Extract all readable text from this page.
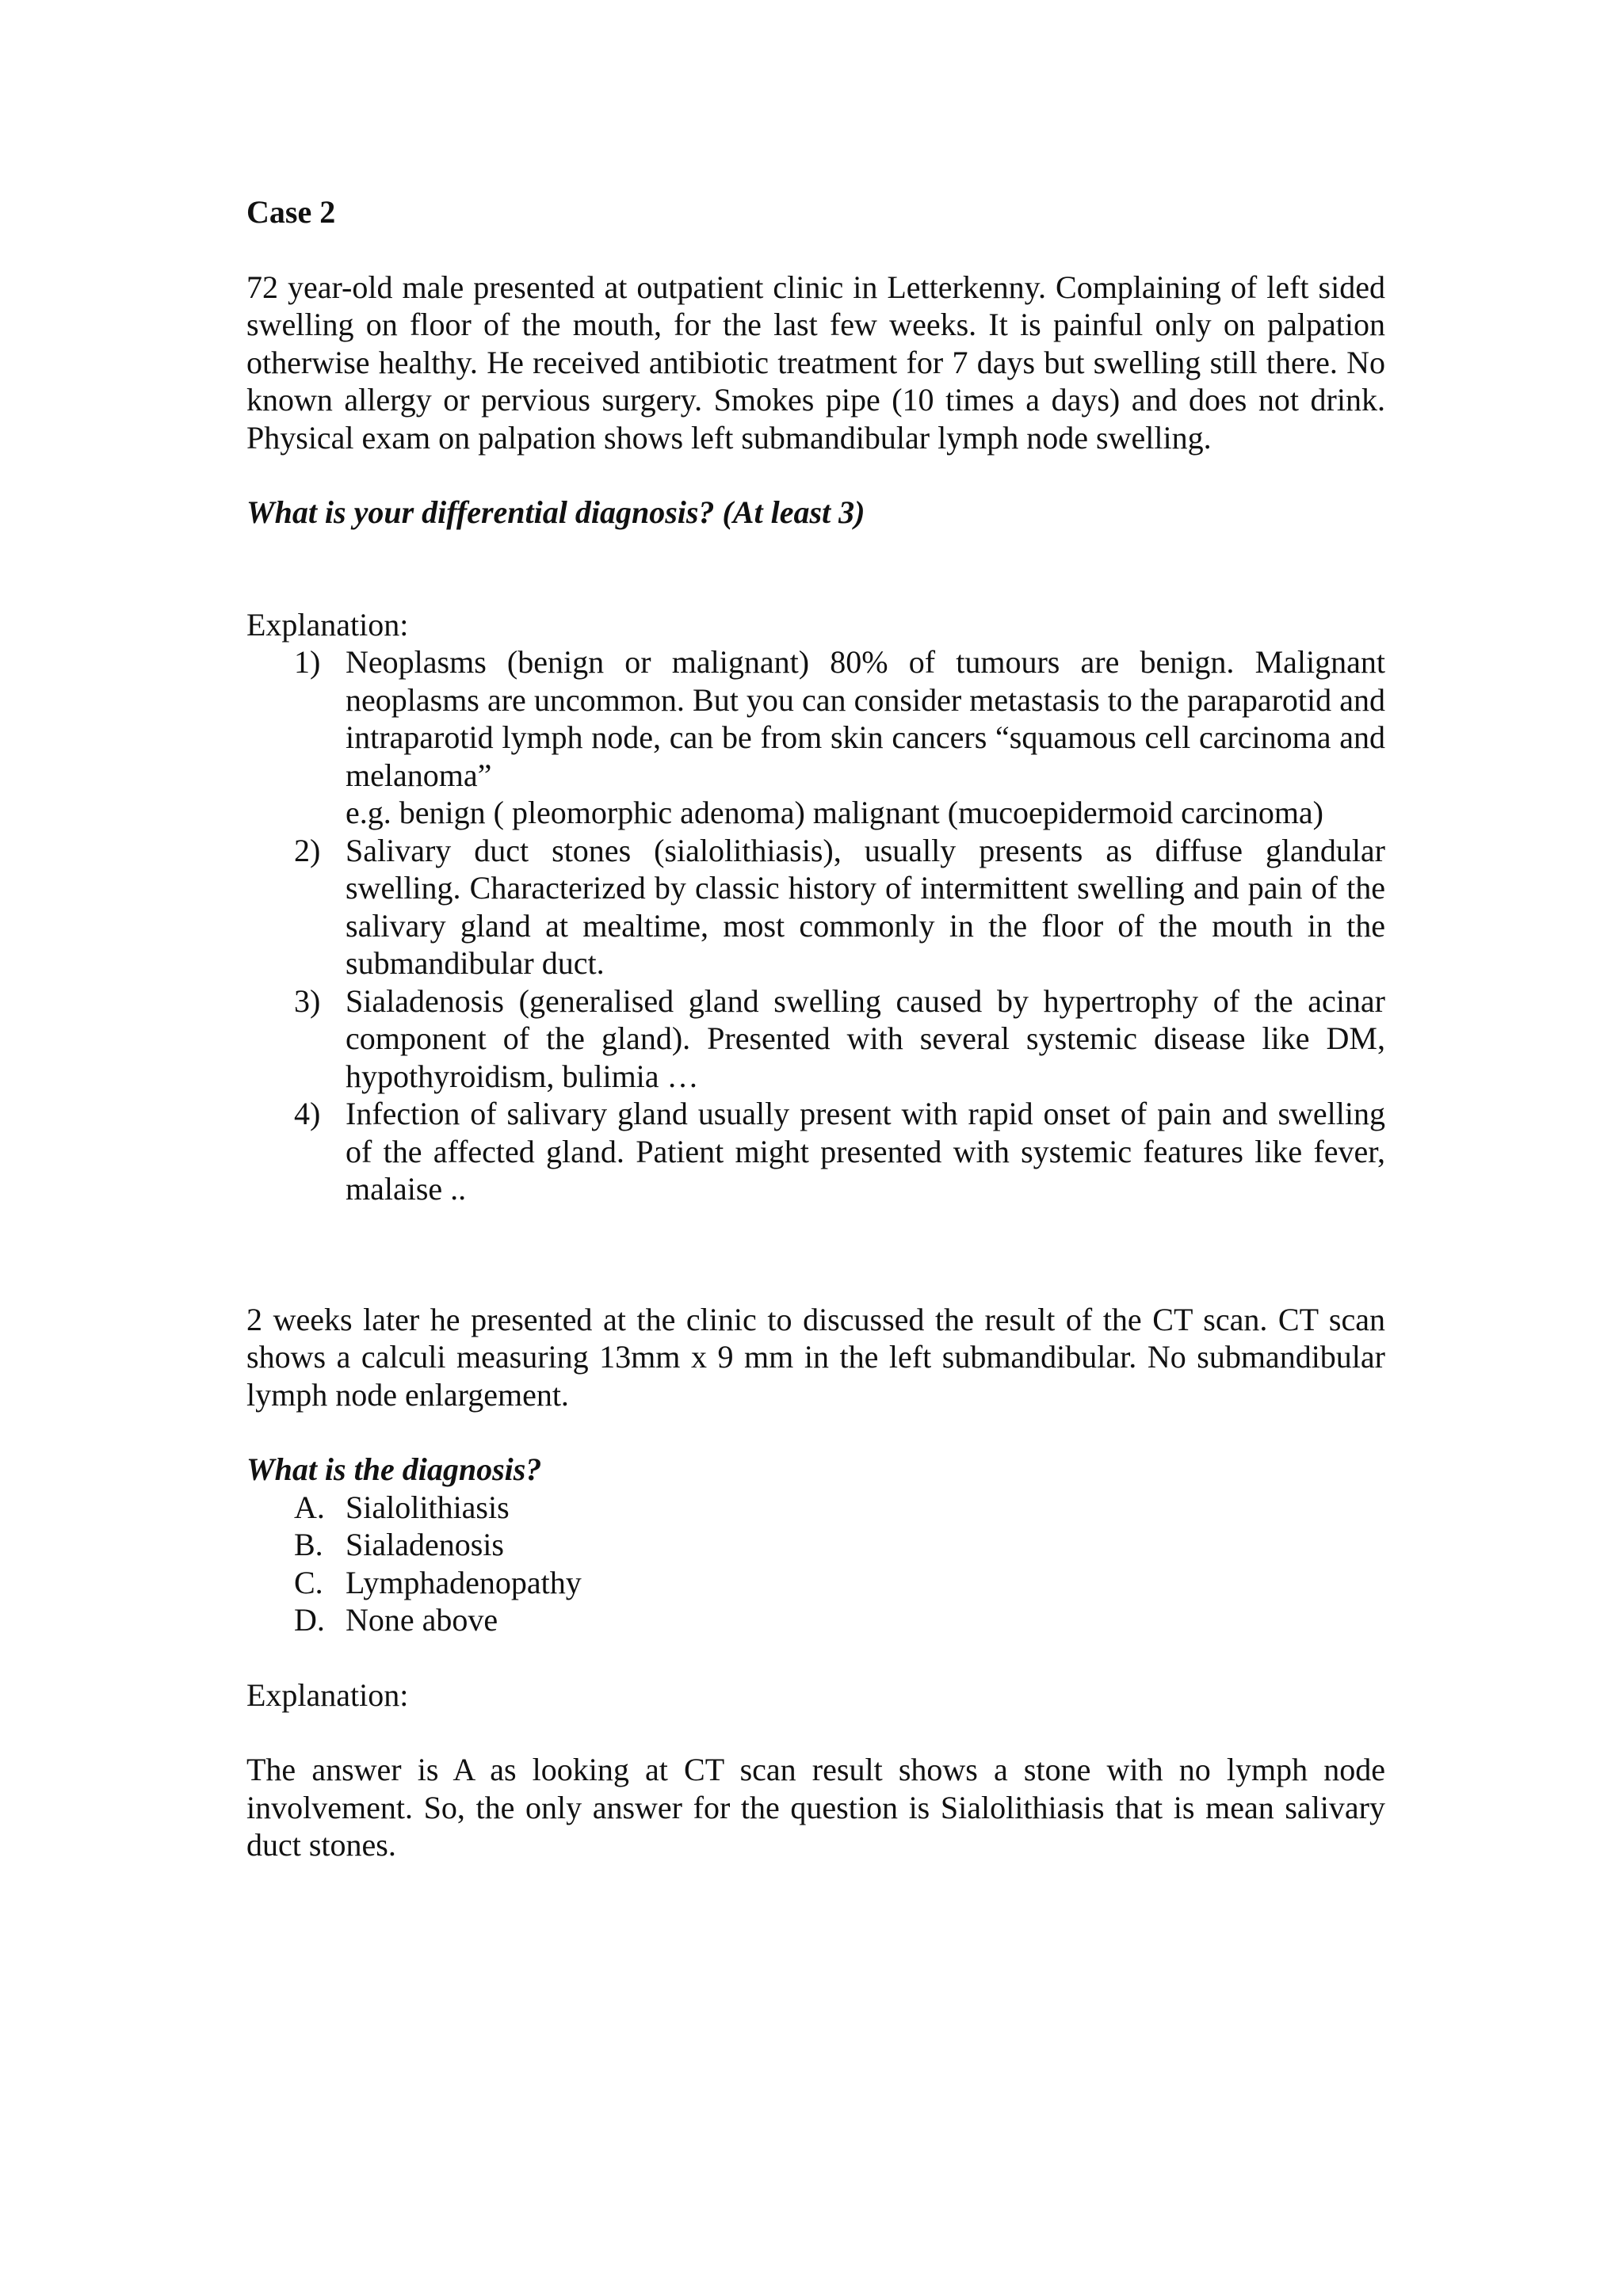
Case 2

72 year-old male presented at outpatient clinic in Letterkenny. Complaining of left sided swelling on floor of the mouth, for the last few weeks. It is painful only on palpation otherwise healthy. He received antibiotic treatment for 7 days but swelling still there. No known allergy or pervious surgery. Smokes pipe (10 times a days) and does not drink. Physical exam on palpation shows left submandibular lymph node swelling.

What is your differential diagnosis? (At least 3)

Explanation:

1) Neoplasms (benign or malignant) 80% of tumours are benign. Malignant neoplasms are uncommon. But you can consider metastasis to the paraparotid and intraparotid lymph node, can be from skin cancers “squamous cell carcinoma and melanoma”
e.g. benign ( pleomorphic adenoma) malignant (mucoepidermoid carcinoma)
2) Salivary duct stones (sialolithiasis), usually presents as diffuse glandular swelling. Characterized by classic history of intermittent swelling and pain of the salivary gland at mealtime, most commonly in the floor of the mouth in the submandibular duct.
3) Sialadenosis (generalised gland swelling caused by hypertrophy of the acinar component of the gland). Presented with several systemic disease like DM, hypothyroidism, bulimia …
4) Infection of salivary gland usually present with rapid onset of pain and swelling of the affected gland. Patient might presented with systemic features like fever, malaise ..

2 weeks later he presented at the clinic to discussed the result of the CT scan. CT scan shows a calculi measuring 13mm x 9 mm in the left submandibular. No submandibular lymph node enlargement.

What is the diagnosis?

A. Sialolithiasis
B. Sialadenosis
C. Lymphadenopathy
D. None above

Explanation:

The answer is A as looking at CT scan result shows a stone with no lymph node involvement. So, the only answer for the question is Sialolithiasis that is mean salivary duct stones.
